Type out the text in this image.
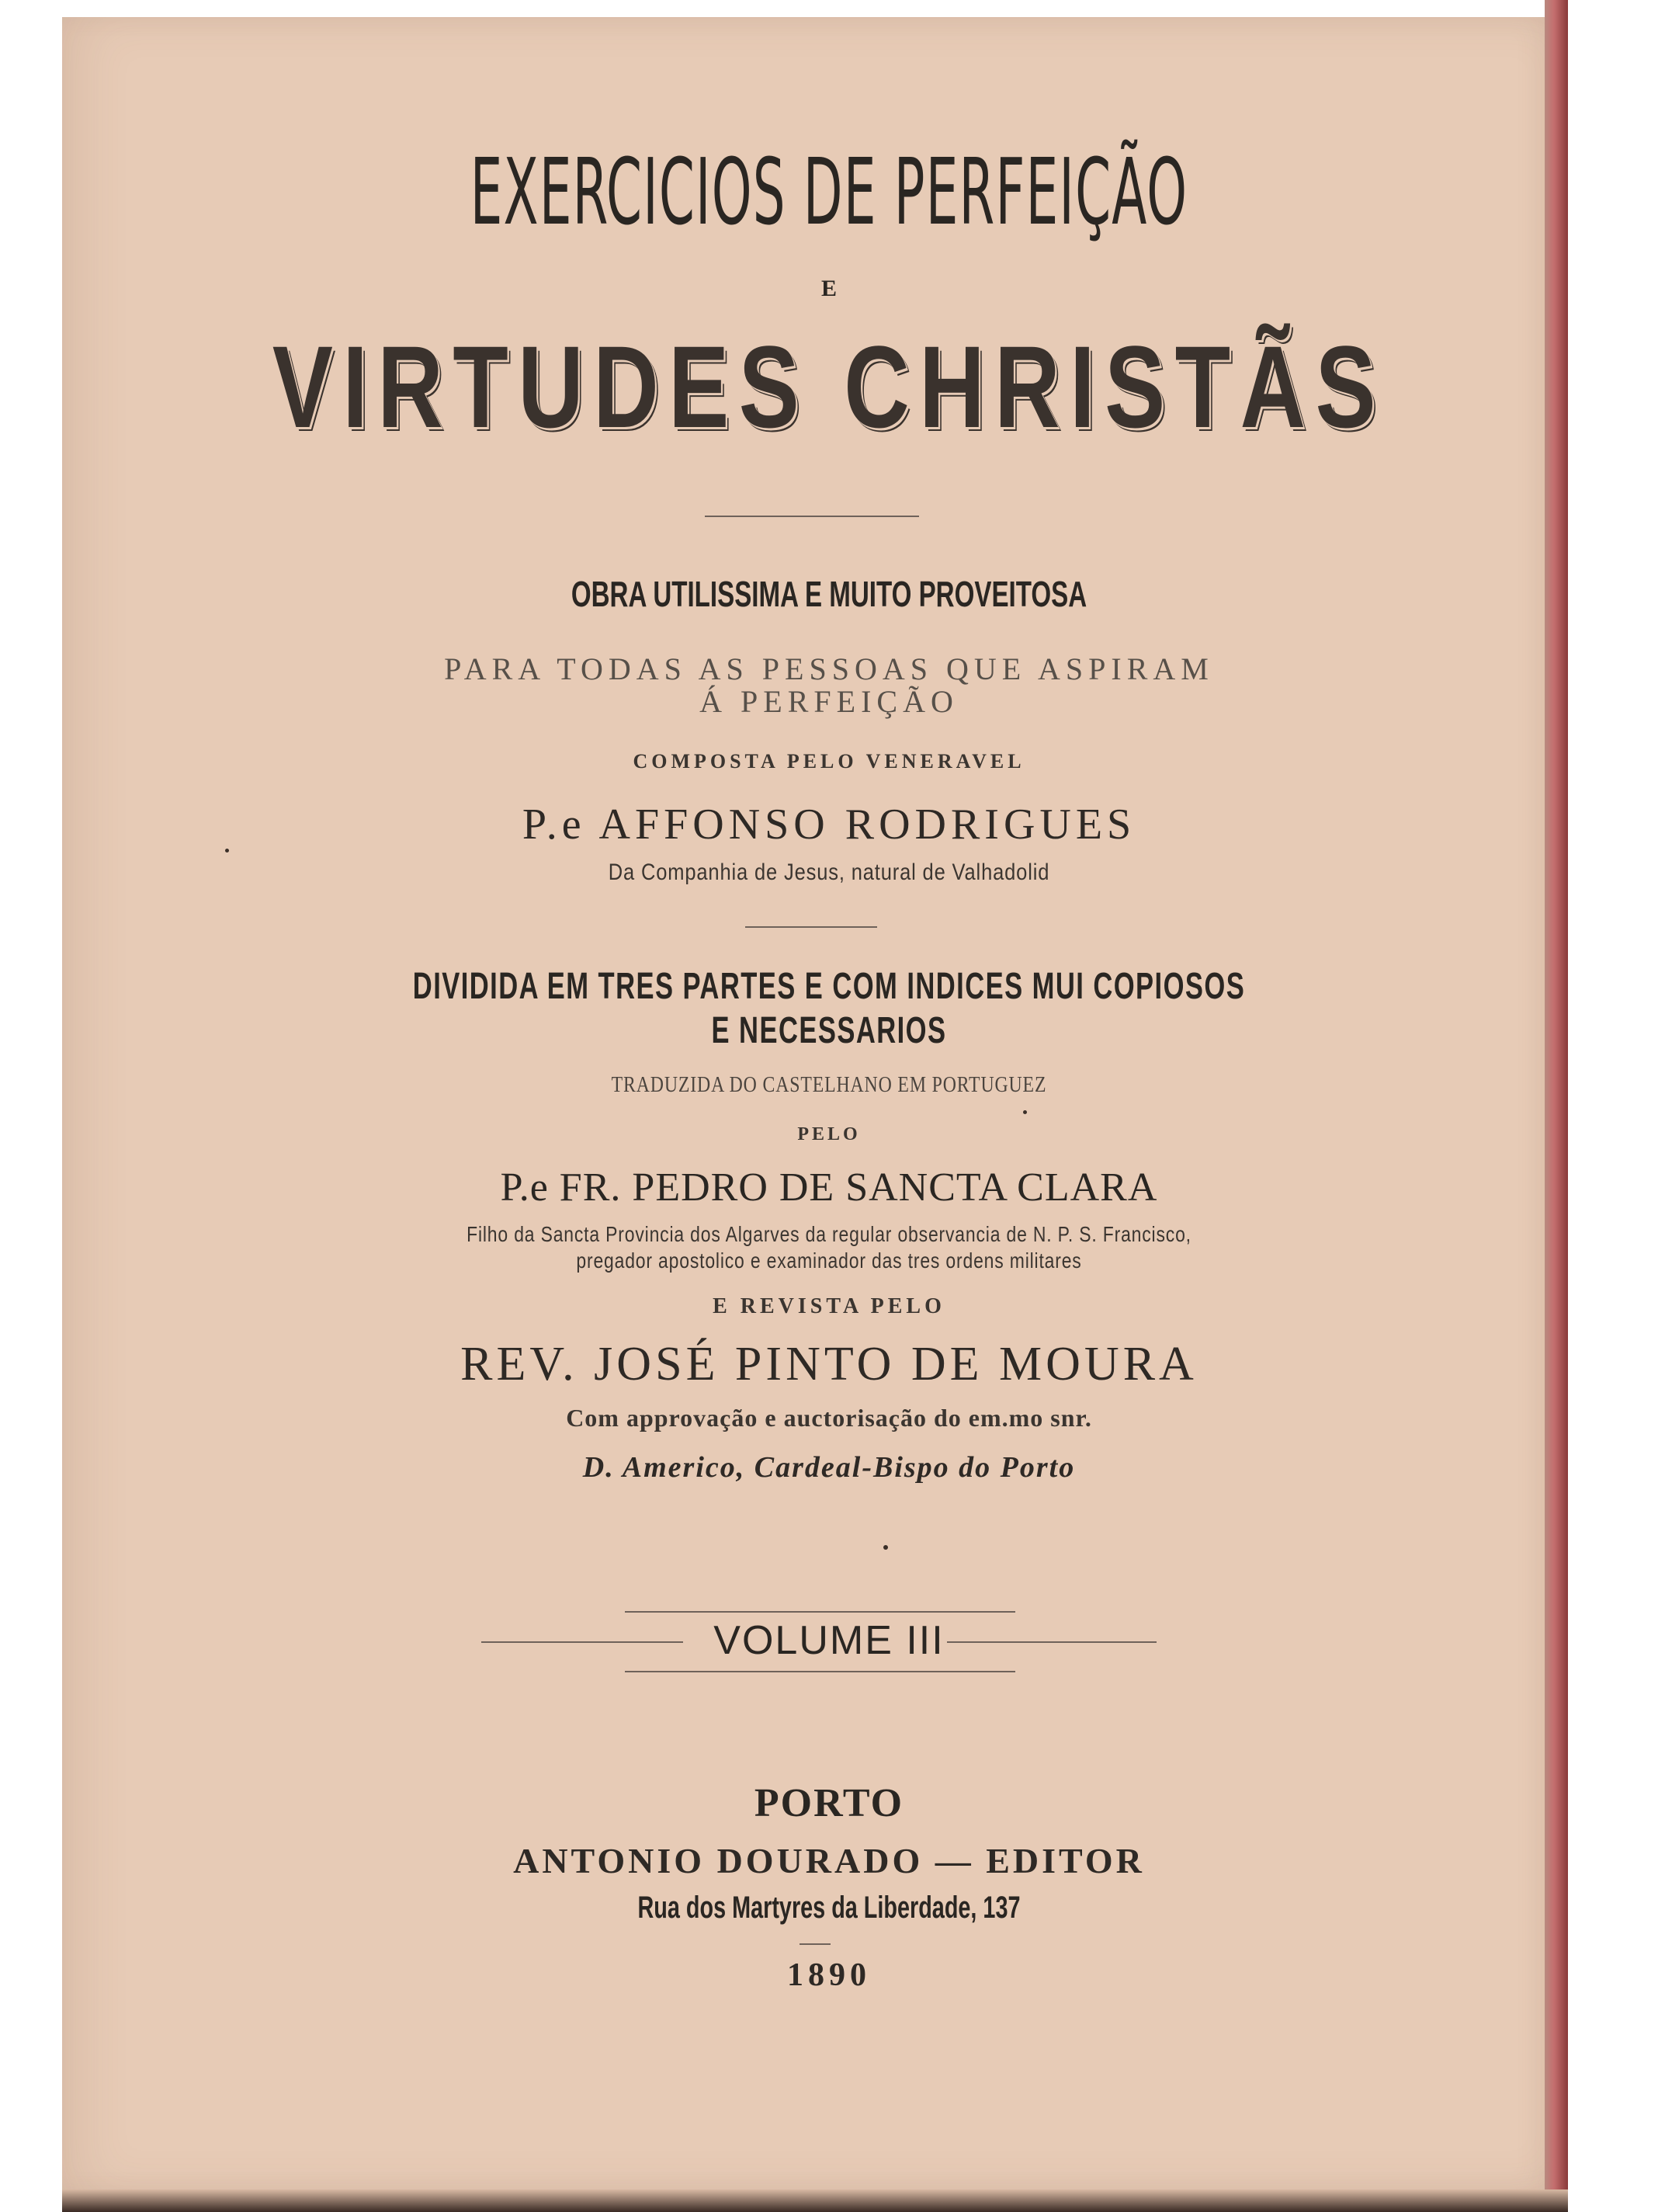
EXERCICIOS DE PERFEIÇÃO
E
VIRTUDES CHRISTÃS
OBRA UTILISSIMA E MUITO PROVEITOSA
PARA TODAS AS PESSOAS QUE ASPIRAM
Á PERFEIÇÃO
COMPOSTA PELO VENERAVEL
P.e AFFONSO RODRIGUES
Da Companhia de Jesus, natural de Valhadolid
DIVIDIDA EM TRES PARTES E COM INDICES MUI COPIOSOS
E NECESSARIOS
TRADUZIDA DO CASTELHANO EM PORTUGUEZ
PELO
P.e FR. PEDRO DE SANCTA CLARA
Filho da Sancta Provincia dos Algarves da regular observancia de N. P. S. Francisco,
pregador apostolico e examinador das tres ordens militares
E REVISTA PELO
REV. JOSÉ PINTO DE MOURA
Com approvação e auctorisação do em.mo snr.
D. Americo, Cardeal-Bispo do Porto
VOLUME III
PORTO
ANTONIO DOURADO — EDITOR
Rua dos Martyres da Liberdade, 137
1890
